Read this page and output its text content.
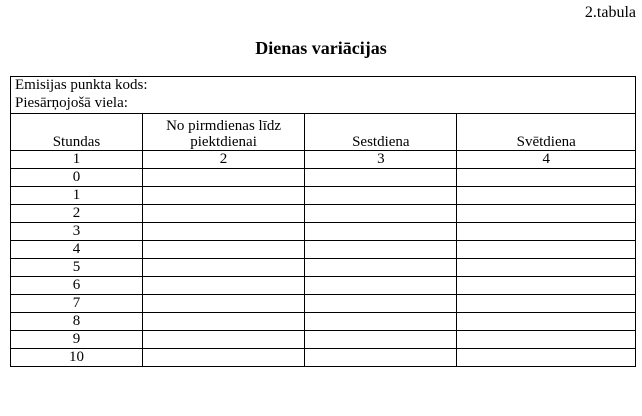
2.tabula
Dienas variācijas
Emisijas punkta kods:
Piesārņojošā viela:			

Stundas	No pirmdienas līdz piektdienai	Sestdiena	Svētdiena
1	2	3	4
0			
1			
2			
3			
4			
5			
6			
7			
8			
9			
10			
